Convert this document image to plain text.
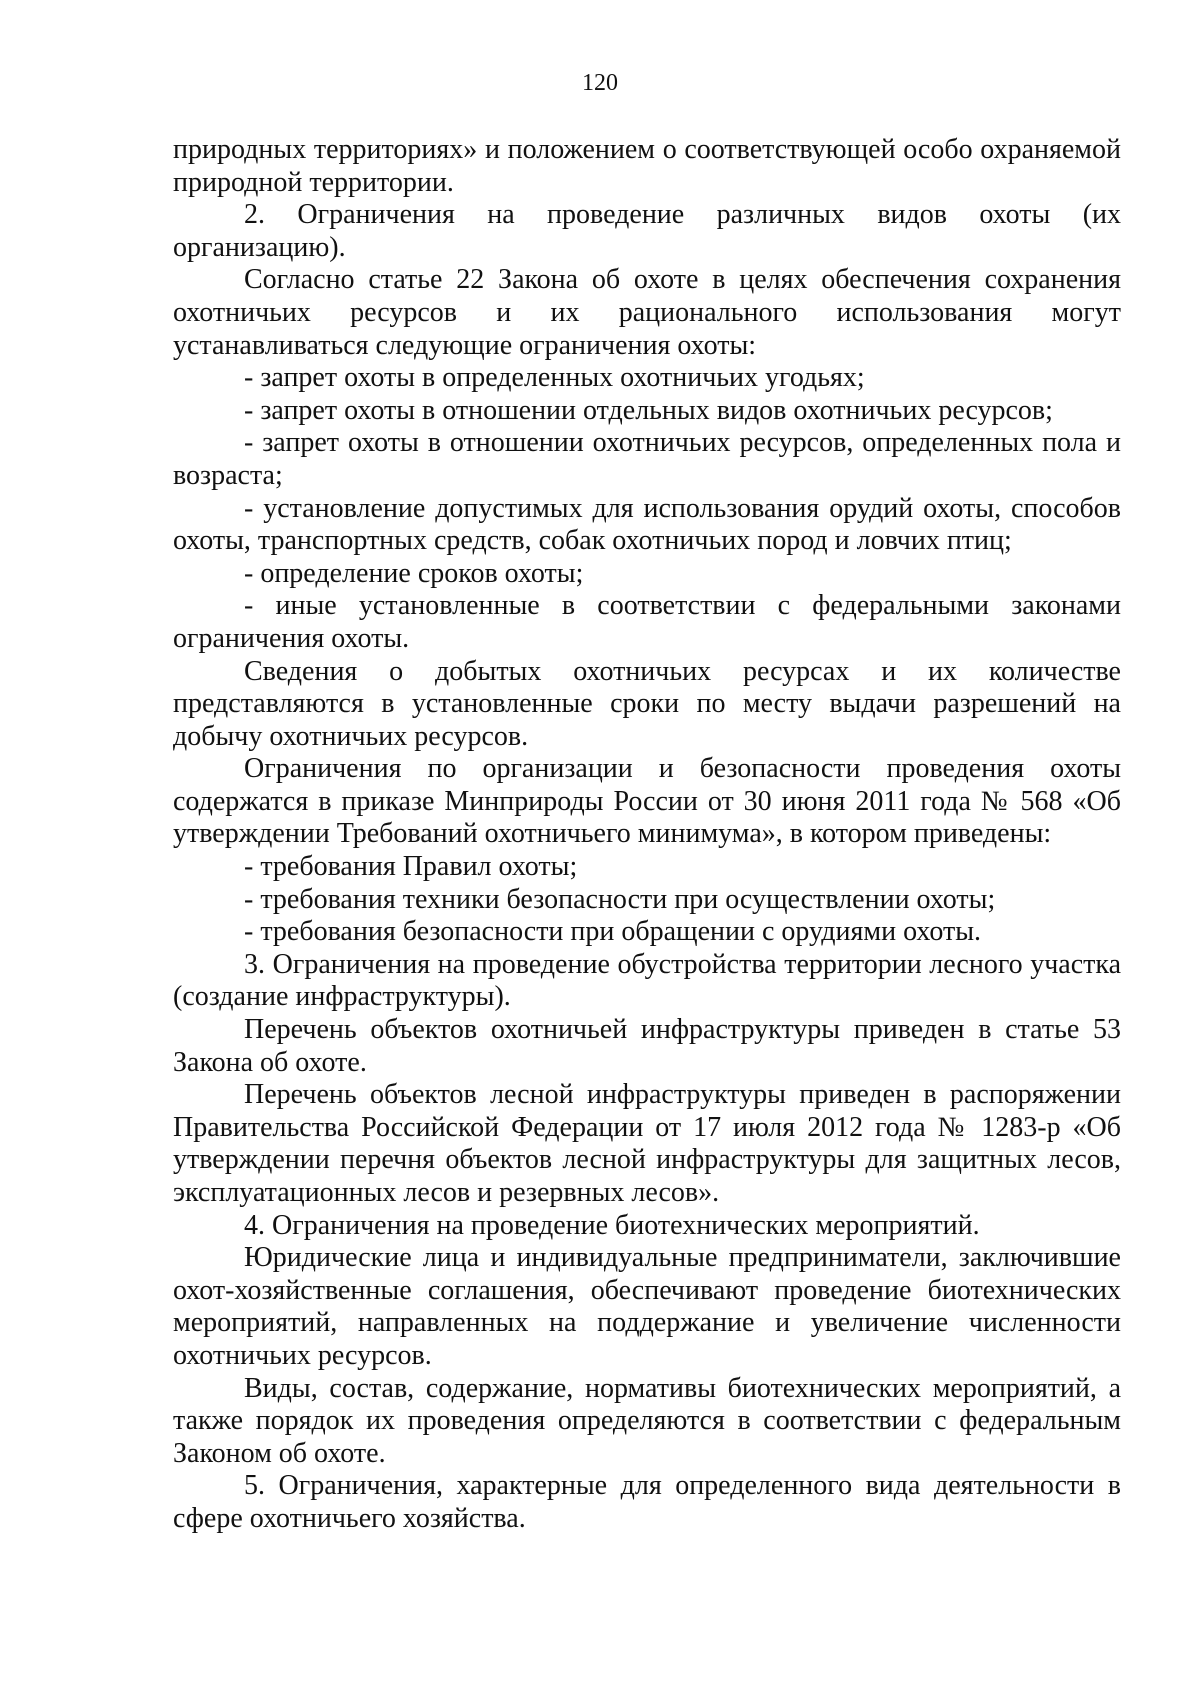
120

природных территориях» и положением о соответствующей особо охраняемой природной территории.

2. Ограничения на проведение различных видов охоты (их организацию).

Согласно статье 22 Закона об охоте в целях обеспечения сохранения охотничьих ресурсов и их рационального использования могут устанавливаться следующие ограничения охоты:

- запрет охоты в определенных охотничьих угодьях;

- запрет охоты в отношении отдельных видов охотничьих ресурсов;

- запрет охоты в отношении охотничьих ресурсов, определенных пола и возраста;

- установление допустимых для использования орудий охоты, способов охоты, транспортных средств, собак охотничьих пород и ловчих птиц;

- определение сроков охоты;

- иные установленные в соответствии с федеральными законами ограничения охоты.

Сведения о добытых охотничьих ресурсах и их количестве представляются в установленные сроки по месту выдачи разрешений на добычу охотничьих ресурсов.

Ограничения по организации и безопасности проведения охоты содержатся в приказе Минприроды России от 30 июня 2011 года № 568 «Об утверждении Требований охотничьего минимума», в котором приведены:

- требования Правил охоты;

- требования техники безопасности при осуществлении охоты;

- требования безопасности при обращении с орудиями охоты.

3. Ограничения на проведение обустройства территории лесного участка (создание инфраструктуры).

Перечень объектов охотничьей инфраструктуры приведен в статье 53 Закона об охоте.

Перечень объектов лесной инфраструктуры приведен в распоряжении Правительства Российской Федерации от 17 июля 2012 года № 1283-р «Об утверждении перечня объектов лесной инфраструктуры для защитных лесов, эксплуатационных лесов и резервных лесов».

4. Ограничения на проведение биотехнических мероприятий.

Юридические лица и индивидуальные предприниматели, заключившие охот-хозяйственные соглашения, обеспечивают проведение биотехнических мероприятий, направленных на поддержание и увеличение численности охотничьих ресурсов.

Виды, состав, содержание, нормативы биотехнических мероприятий, а также порядок их проведения определяются в соответствии с федеральным Законом об охоте.

5. Ограничения, характерные для определенного вида деятельности в сфере охотничьего хозяйства.
